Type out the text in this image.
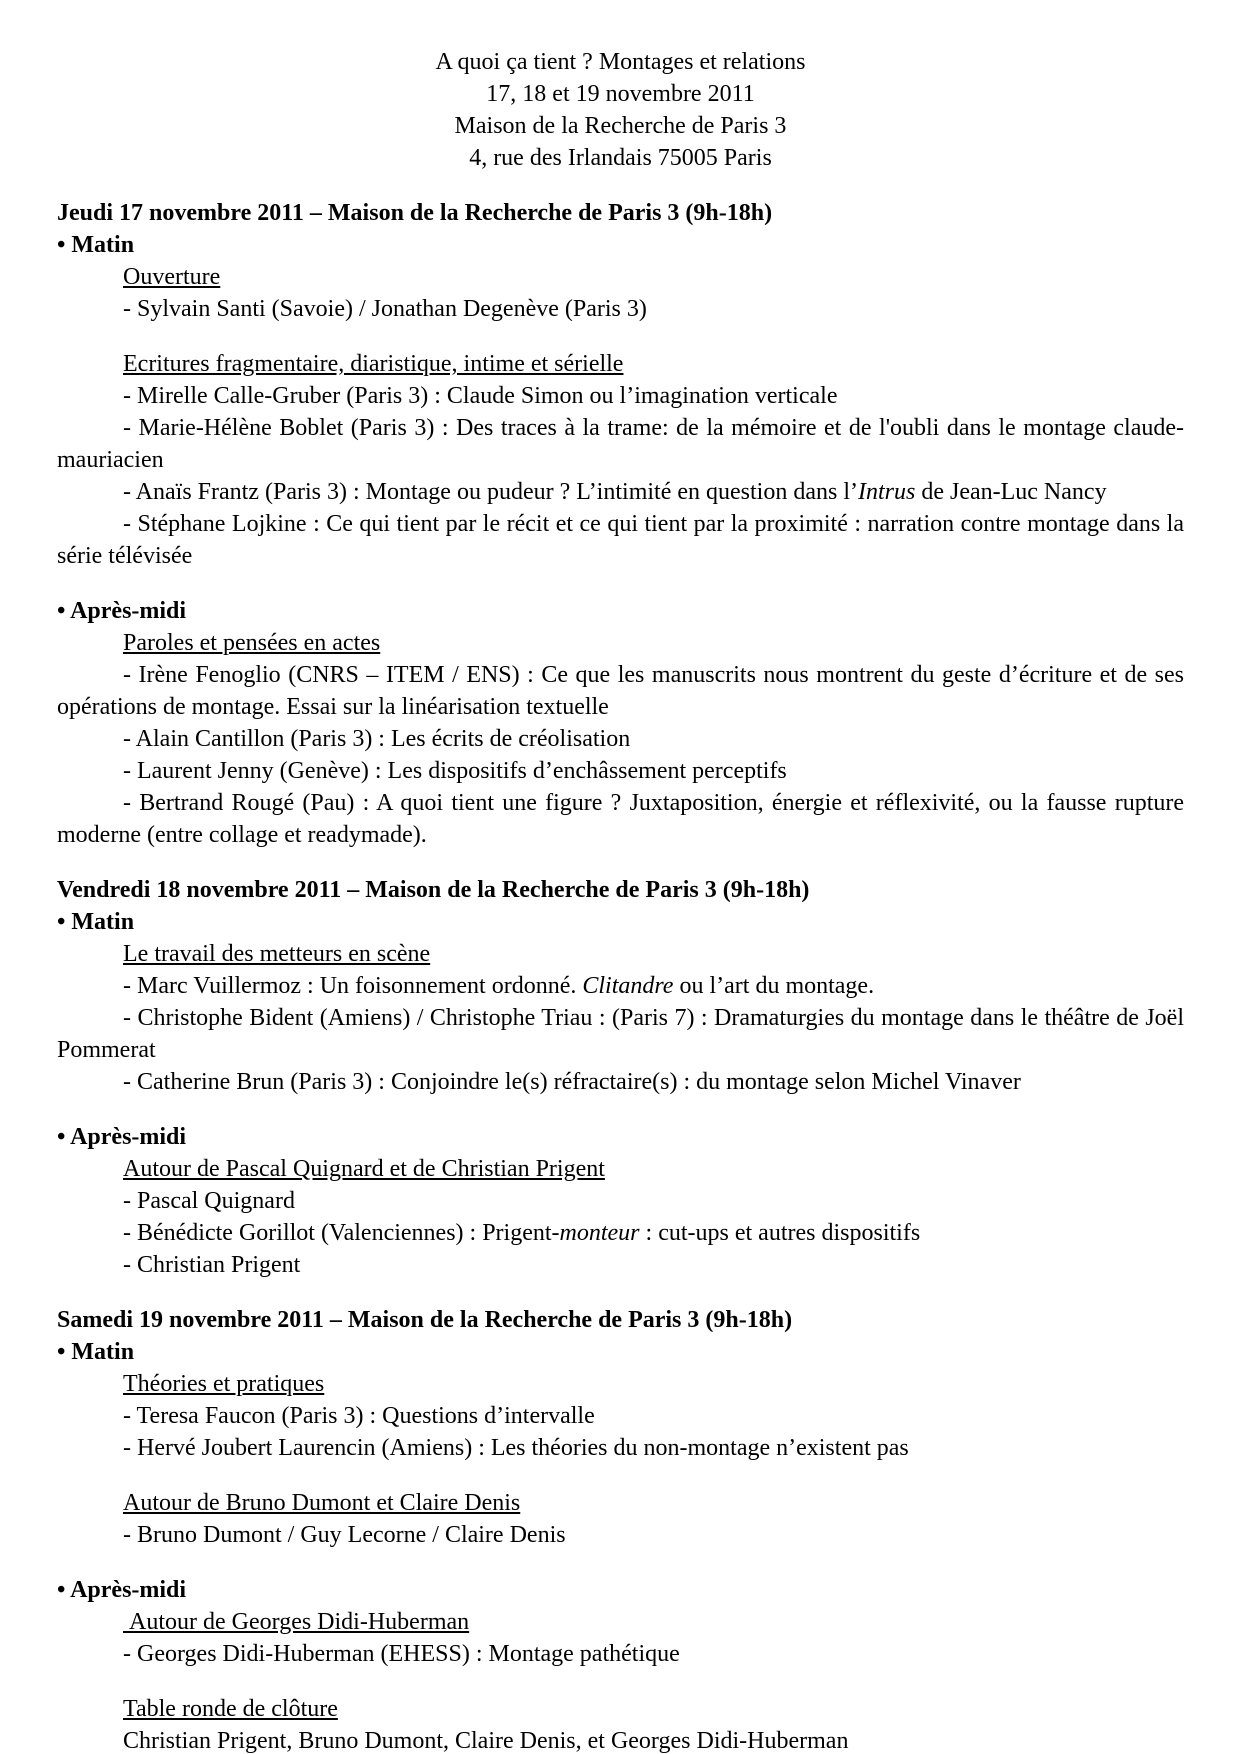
A quoi ça tient ? Montages et relations

17, 18 et 19 novembre 2011

Maison de la Recherche de Paris 3

4, rue des Irlandais 75005 Paris

Jeudi 17 novembre 2011 – Maison de la Recherche de Paris 3 (9h-18h)

• Matin

Ouverture

- Sylvain Santi (Savoie) / Jonathan Degenève (Paris 3)

Ecritures fragmentaire, diaristique, intime et sérielle

- Mirelle Calle-Gruber (Paris 3) : Claude Simon ou l’imagination verticale

- Marie-Hélène Boblet (Paris 3) : Des traces à la trame: de la mémoire et de l'oubli dans le montage claude-mauriacien

- Anaïs Frantz (Paris 3) : Montage ou pudeur ? L’intimité en question dans l’Intrus de Jean-Luc Nancy

- Stéphane Lojkine : Ce qui tient par le récit et ce qui tient par la proximité : narration contre montage dans la série télévisée

• Après-midi

Paroles et pensées en actes

- Irène Fenoglio (CNRS – ITEM / ENS) : Ce que les manuscrits nous montrent du geste d’écriture et de ses opérations de montage. Essai sur la linéarisation textuelle

- Alain Cantillon (Paris 3) : Les écrits de créolisation

- Laurent Jenny (Genève) : Les dispositifs d’enchâssement perceptifs

- Bertrand Rougé (Pau) : A quoi tient une figure ? Juxtaposition, énergie et réflexivité, ou la fausse rupture moderne (entre collage et readymade).

Vendredi 18 novembre 2011 – Maison de la Recherche de Paris 3 (9h-18h)

• Matin

Le travail des metteurs en scène

- Marc Vuillermoz : Un foisonnement ordonné. Clitandre ou l’art du montage.

- Christophe Bident (Amiens) / Christophe Triau : (Paris 7) : Dramaturgies du montage dans le théâtre de Joël Pommerat

- Catherine Brun (Paris 3) : Conjoindre le(s) réfractaire(s) : du montage selon Michel Vinaver

• Après-midi

Autour de Pascal Quignard et de Christian Prigent

- Pascal Quignard

- Bénédicte Gorillot (Valenciennes) : Prigent-monteur : cut-ups et autres dispositifs

- Christian Prigent

Samedi 19 novembre 2011 – Maison de la Recherche de Paris 3 (9h-18h)

• Matin

Théories et pratiques

- Teresa Faucon (Paris 3) : Questions d’intervalle

- Hervé Joubert Laurencin (Amiens) : Les théories du non-montage n’existent pas

Autour de Bruno Dumont et Claire Denis

- Bruno Dumont / Guy Lecorne / Claire Denis

• Après-midi

Autour de Georges Didi-Huberman

- Georges Didi-Huberman (EHESS) : Montage pathétique

Table ronde de clôture

Christian Prigent, Bruno Dumont, Claire Denis, et Georges Didi-Huberman
